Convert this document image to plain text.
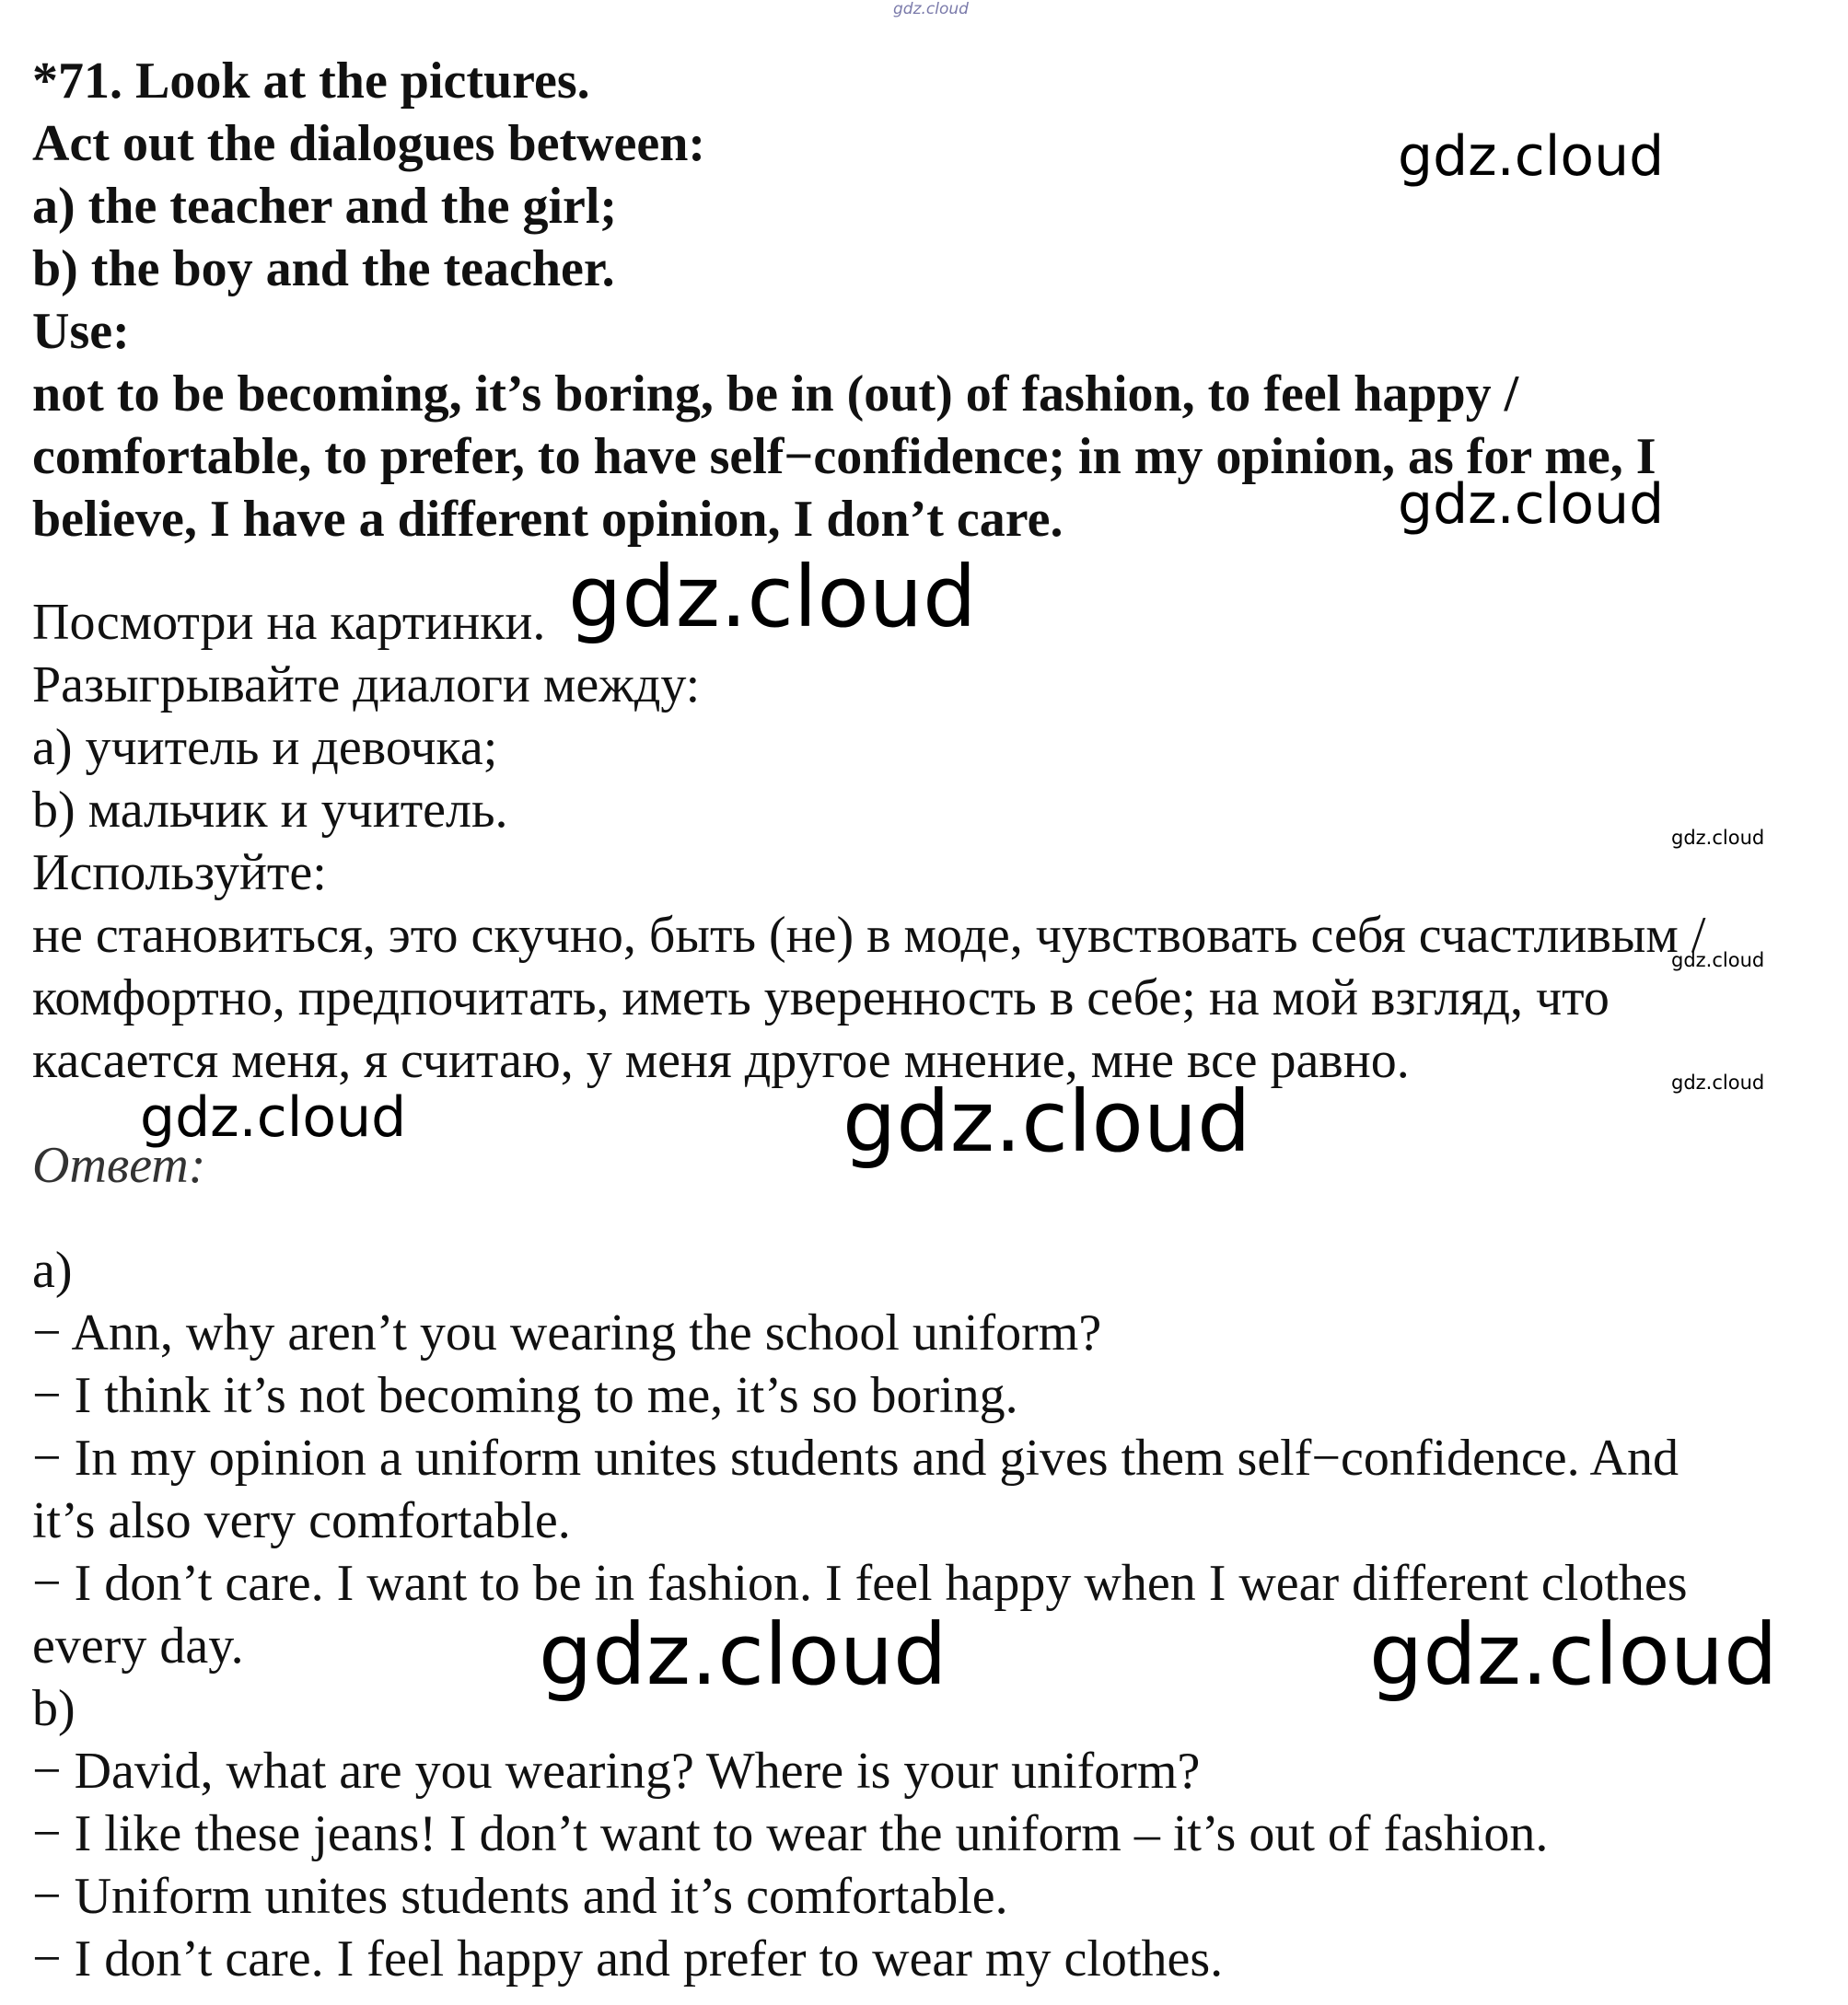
*71. Look at the pictures.
Act out the dialogues between:
a) the teacher and the girl;
b) the boy and the teacher.
Use:
not to be becoming, it’s boring, be in (out) of fashion, to feel happy /
comfortable, to prefer, to have self−confidence; in my opinion, as for me, I
believe, I have a different opinion, I don’t care.
Посмотри на картинки.
Разыгрывайте диалоги между:
a) учитель и девочка;
b) мальчик и учитель.
Используйте:
не становиться, это скучно, быть (не) в моде, чувствовать себя счастливым /
комфортно, предпочитать, иметь уверенность в себе; на мой взгляд, что
касается меня, я считаю, у меня другое мнение, мне все равно.
Ответ:
a)
− Ann, why aren’t you wearing the school uniform?
− I think it’s not becoming to me, it’s so boring.
− In my opinion a uniform unites students and gives them self−confidence. And
it’s also very comfortable.
− I don’t care. I want to be in fashion. I feel happy when I wear different clothes
every day.
b)
− David, what are you wearing? Where is your uniform?
− I like these jeans! I don’t want to wear the uniform – it’s out of fashion.
− Uniform unites students and it’s comfortable.
− I don’t care. I feel happy and prefer to wear my clothes.
gdz.cloud
gdz.cloud
gdz.cloud
gdz.cloud
gdz.cloud
gdz.cloud
gdz.cloud
gdz.cloud	gdz.cloud
gdz.cloud	gdz.cloud
